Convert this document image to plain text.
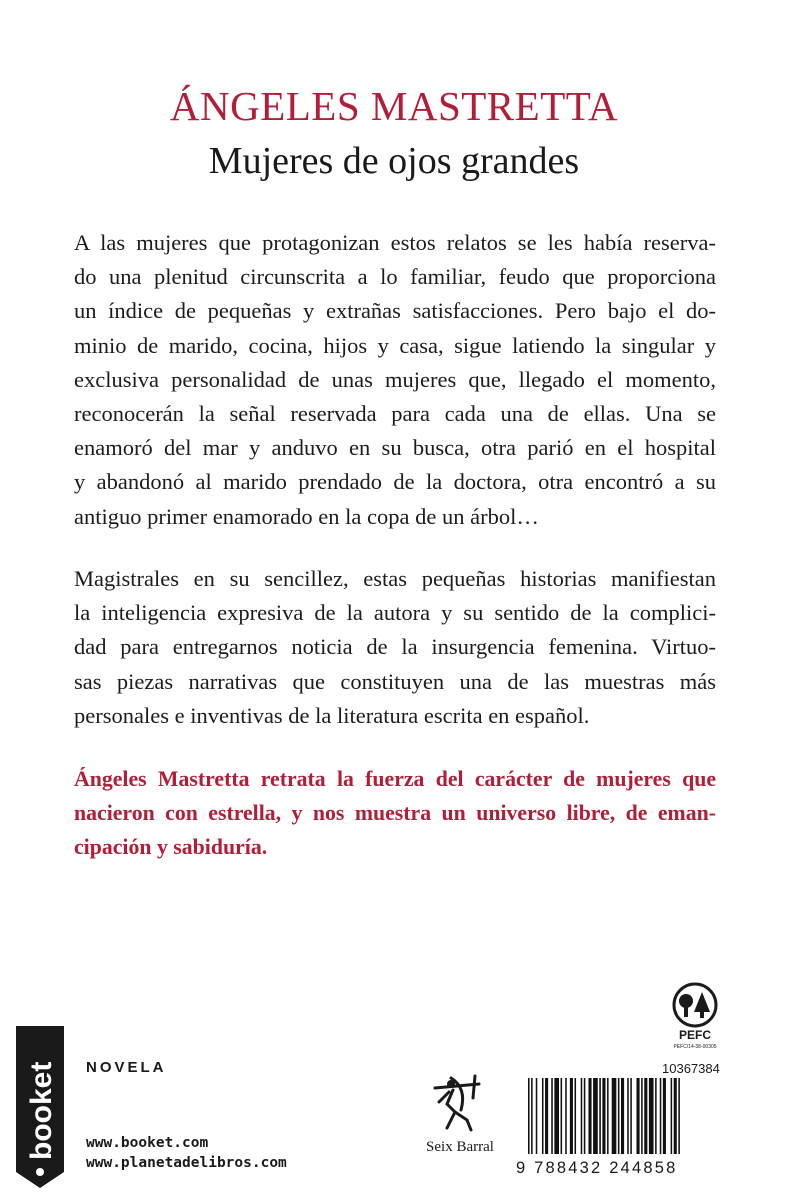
ÁNGELES MASTRETTA
Mujeres de ojos grandes
A las mujeres que protagonizan estos relatos se les había reserva-
do una plenitud circunscrita a lo familiar, feudo que proporciona
un índice de pequeñas y extrañas satisfacciones. Pero bajo el do-
minio de marido, cocina, hijos y casa, sigue latiendo la singular y
exclusiva personalidad de unas mujeres que, llegado el momento,
reconocerán la señal reservada para cada una de ellas. Una se
enamoró del mar y anduvo en su busca, otra parió en el hospital
y abandonó al marido prendado de la doctora, otra encontró a su
antiguo primer enamorado en la copa de un árbol…
Magistrales en su sencillez, estas pequeñas historias manifiestan
la inteligencia expresiva de la autora y su sentido de la complici-
dad para entregarnos noticia de la insurgencia femenina. Virtuo-
sas piezas narrativas que constituyen una de las muestras más
personales e inventivas de la literatura escrita en español.
Ángeles Mastretta retrata la fuerza del carácter de mujeres que
nacieron con estrella, y nos muestra un universo libre, de eman-
cipación y sabiduría.
booket NOVELA
www.booket.com
www.planetadelibros.com
Seix Barral
PEFC
PEFC/14-38-00305
10367384
9 788432 244858
